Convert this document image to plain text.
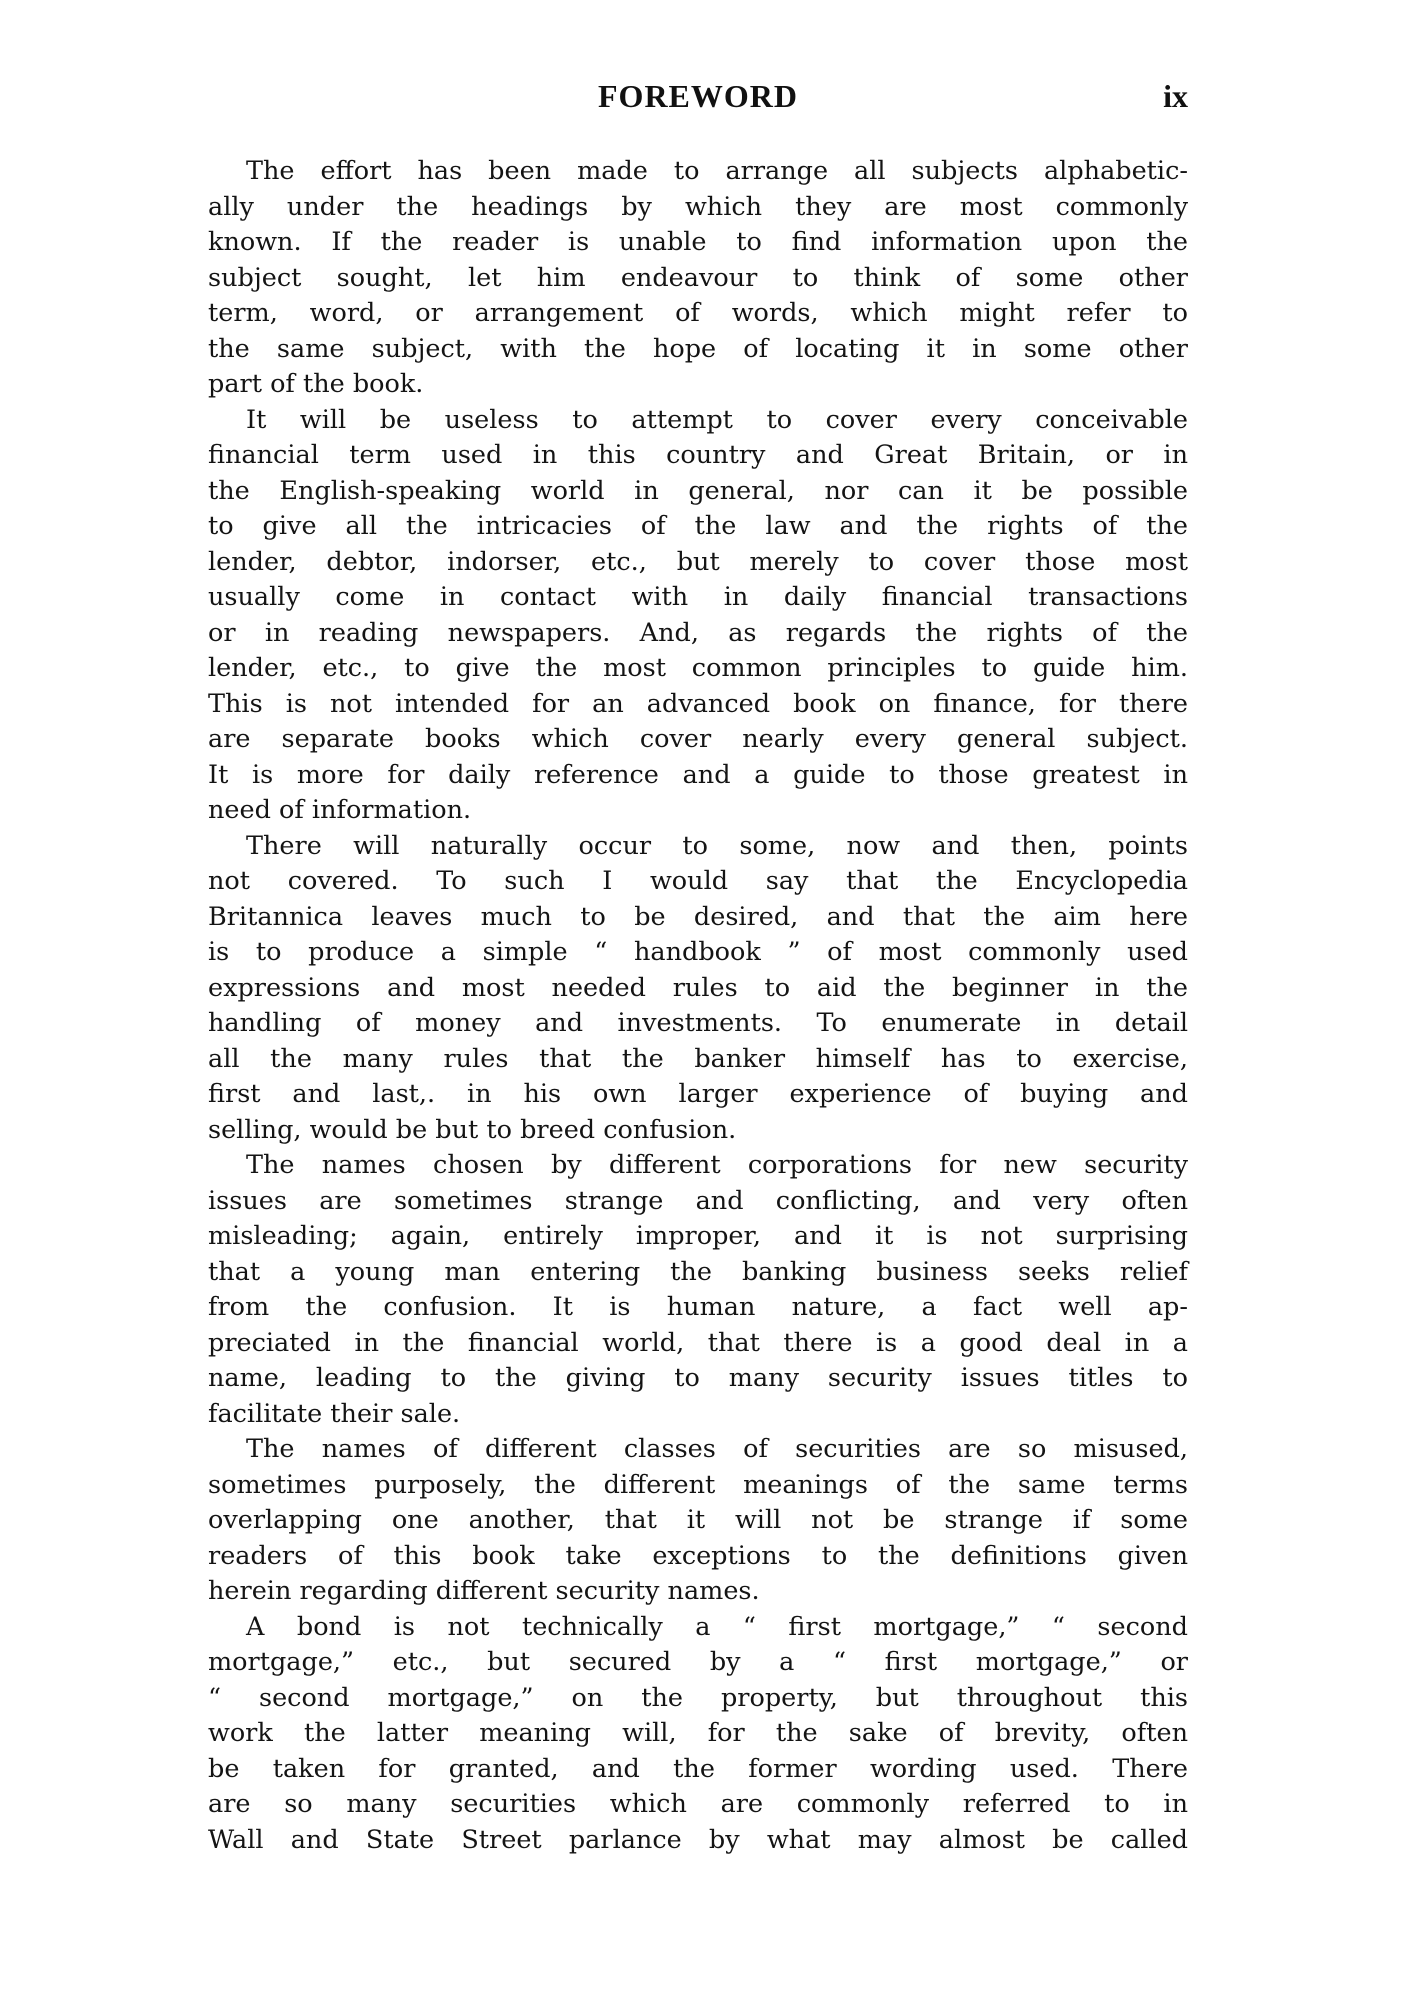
FOREWORD	ix
The effort has been made to arrange all subjects alphabetic-
ally under the headings by which they are most commonly
known. If the reader is unable to find information upon the
subject sought, let him endeavour to think of some other
term, word, or arrangement of words, which might refer to
the same subject, with the hope of locating it in some other
part of the book.
It will be useless to attempt to cover every conceivable
financial term used in this country and Great Britain, or in
the English-speaking world in general, nor can it be possible
to give all the intricacies of the law and the rights of the
lender, debtor, indorser, etc., but merely to cover those most
usually come in contact with in daily financial transactions
or in reading newspapers. And, as regards the rights of the
lender, etc., to give the most common principles to guide him.
This is not intended for an advanced book on finance, for there
are separate books which cover nearly every general subject.
It is more for daily reference and a guide to those greatest in
need of information.
There will naturally occur to some, now and then, points
not covered. To such I would say that the Encyclopedia
Britannica leaves much to be desired, and that the aim here
is to produce a simple “ handbook ” of most commonly used
expressions and most needed rules to aid the beginner in the
handling of money and investments. To enumerate in detail
all the many rules that the banker himself has to exercise,
first and last,. in his own larger experience of buying and
selling, would be but to breed confusion.
The names chosen by different corporations for new security
issues are sometimes strange and conflicting, and very often
misleading; again, entirely improper, and it is not surprising
that a young man entering the banking business seeks relief
from the confusion. It is human nature, a fact well ap-
preciated in the financial world, that there is a good deal in a
name, leading to the giving to many security issues titles to
facilitate their sale.
The names of different classes of securities are so misused,
sometimes purposely, the different meanings of the same terms
overlapping one another, that it will not be strange if some
readers of this book take exceptions to the definitions given
herein regarding different security names.
A bond is not technically a “ first mortgage,” “ second
mortgage,” etc., but secured by a “ first mortgage,” or
“ second mortgage,” on the property, but throughout this
work the latter meaning will, for the sake of brevity, often
be taken for granted, and the former wording used. There
are so many securities which are commonly referred to in
Wall and State Street parlance by what may almost be called
